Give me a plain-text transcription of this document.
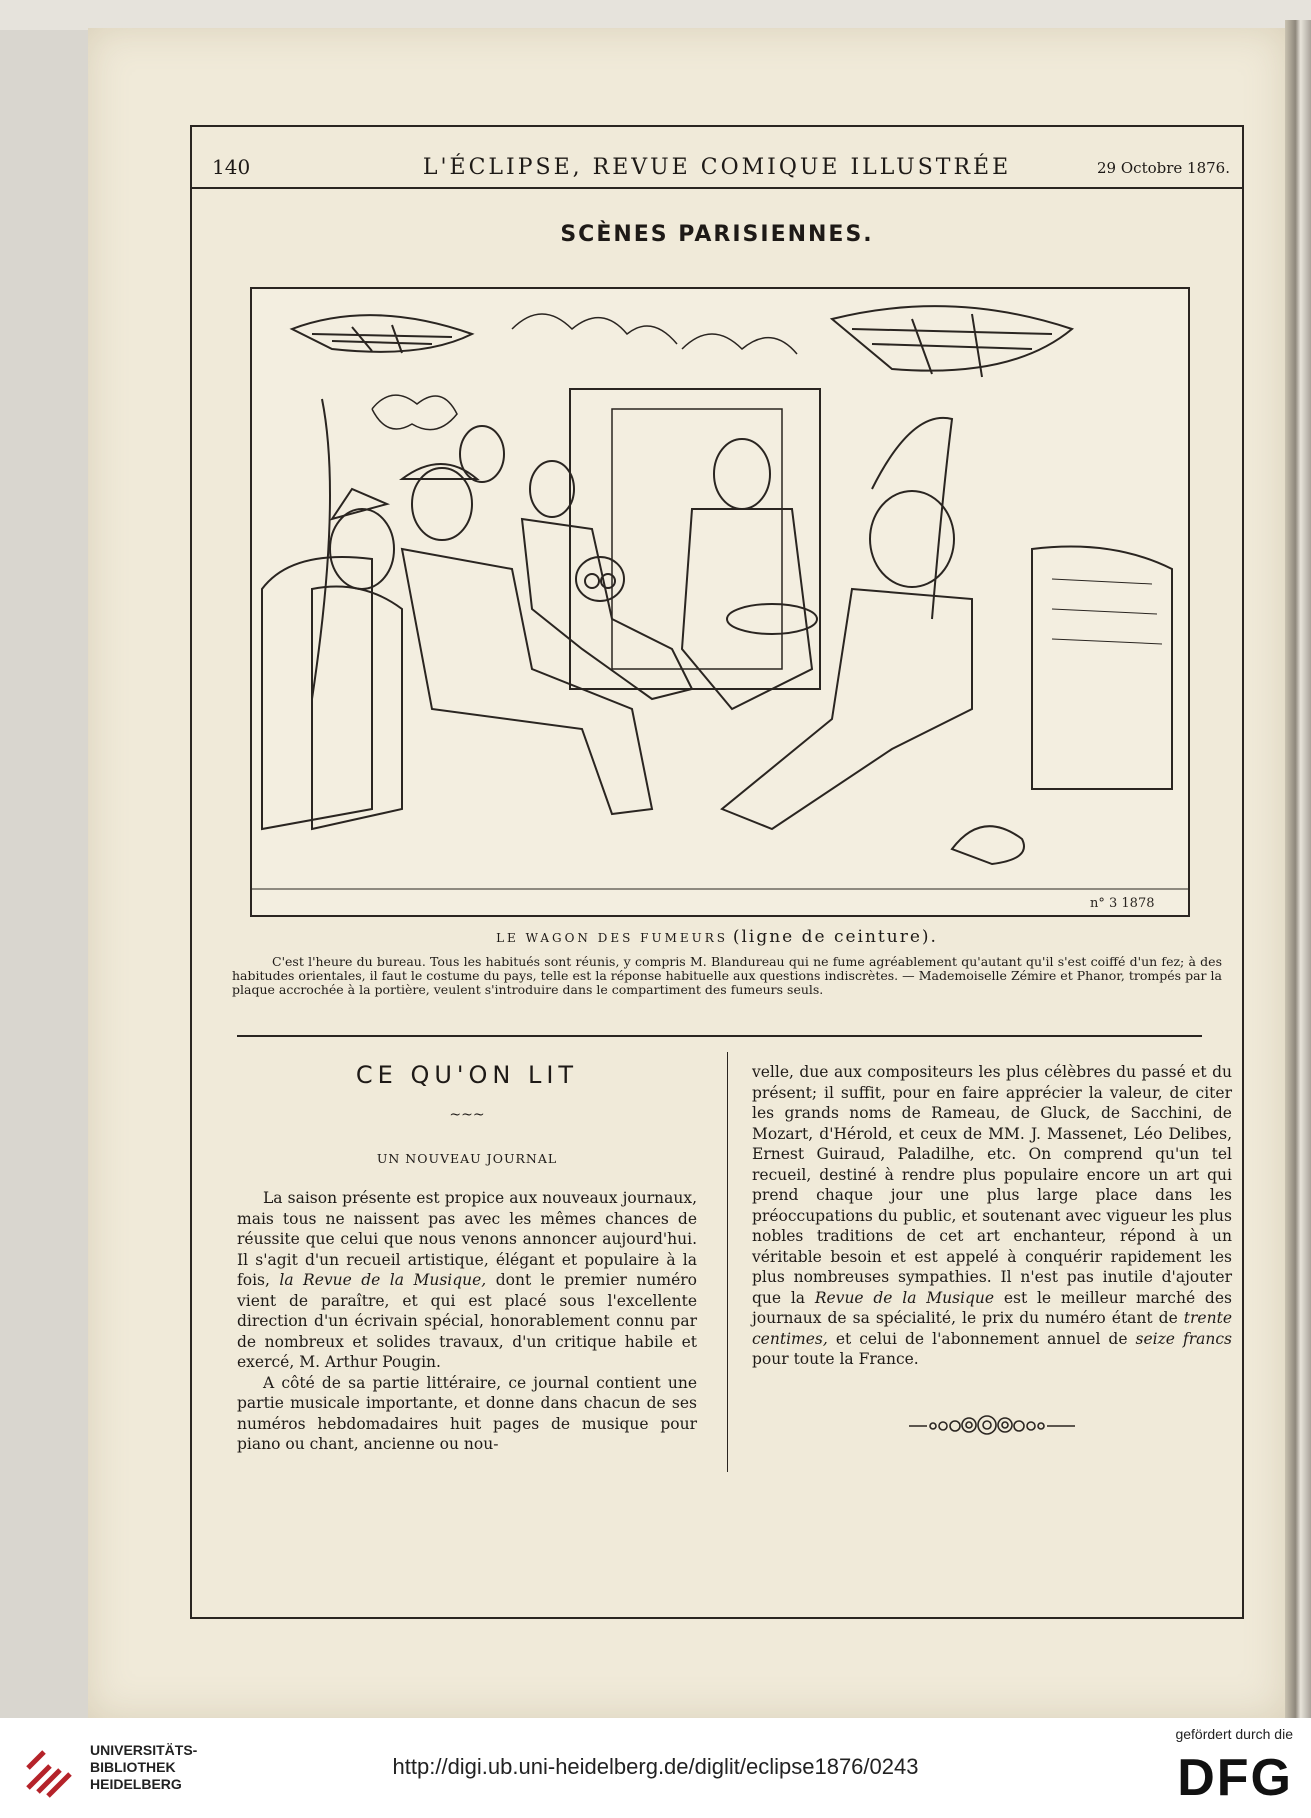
140	L'ÉCLIPSE, REVUE COMIQUE ILLUSTRÉE	29 Octobre 1876.
SCÈNES PARISIENNES.
n° 3 1878
LE WAGON DES FUMEURS (ligne de ceinture).
C'est l'heure du bureau. Tous les habitués sont réunis, y compris M. Blandureau qui ne fume agréablement qu'autant qu'il s'est coiffé d'un fez; à des habitudes orientales, il faut le costume du pays, telle est la réponse habituelle aux questions indiscrètes. — Mademoiselle Zémire et Phanor, trompés par la plaque accrochée à la portière, veulent s'introduire dans le compartiment des fumeurs seuls.
CE QU'ON LIT
~~~
UN NOUVEAU JOURNAL

La saison présente est propice aux nouveaux journaux, mais tous ne naissent pas avec les mêmes chances de réussite que celui que nous venons annoncer aujourd'hui. Il s'agit d'un recueil artistique, élégant et populaire à la fois, la Revue de la Musique, dont le premier numéro vient de paraître, et qui est placé sous l'excellente direction d'un écrivain spécial, honorablement connu par de nombreux et solides travaux, d'un critique habile et exercé, M. Arthur Pougin.

A côté de sa partie littéraire, ce journal contient une partie musicale importante, et donne dans chacun de ses numéros hebdomadaires huit pages de musique pour piano ou chant, ancienne ou nou-

velle, due aux compositeurs les plus célèbres du passé et du présent; il suffit, pour en faire apprécier la valeur, de citer les grands noms de Rameau, de Gluck, de Sacchini, de Mozart, d'Hérold, et ceux de MM. J. Massenet, Léo Delibes, Ernest Guiraud, Paladilhe, etc. On comprend qu'un tel recueil, destiné à rendre plus populaire encore un art qui prend chaque jour une plus large place dans les préoccupations du public, et soutenant avec vigueur les plus nobles traditions de cet art enchanteur, répond à un véritable besoin et est appelé à conquérir rapidement les plus nombreuses sympathies. Il n'est pas inutile d'ajouter que la Revue de la Musique est le meilleur marché des journaux de sa spécialité, le prix du numéro étant de trente centimes, et celui de l'abonnement annuel de seize francs pour toute la France.

UNIVERSITÄTS-
BIBLIOTHEK
HEIDELBERG
http://digi.ub.uni-heidelberg.de/diglit/eclipse1876/0243
gefördert durch die
DFG
